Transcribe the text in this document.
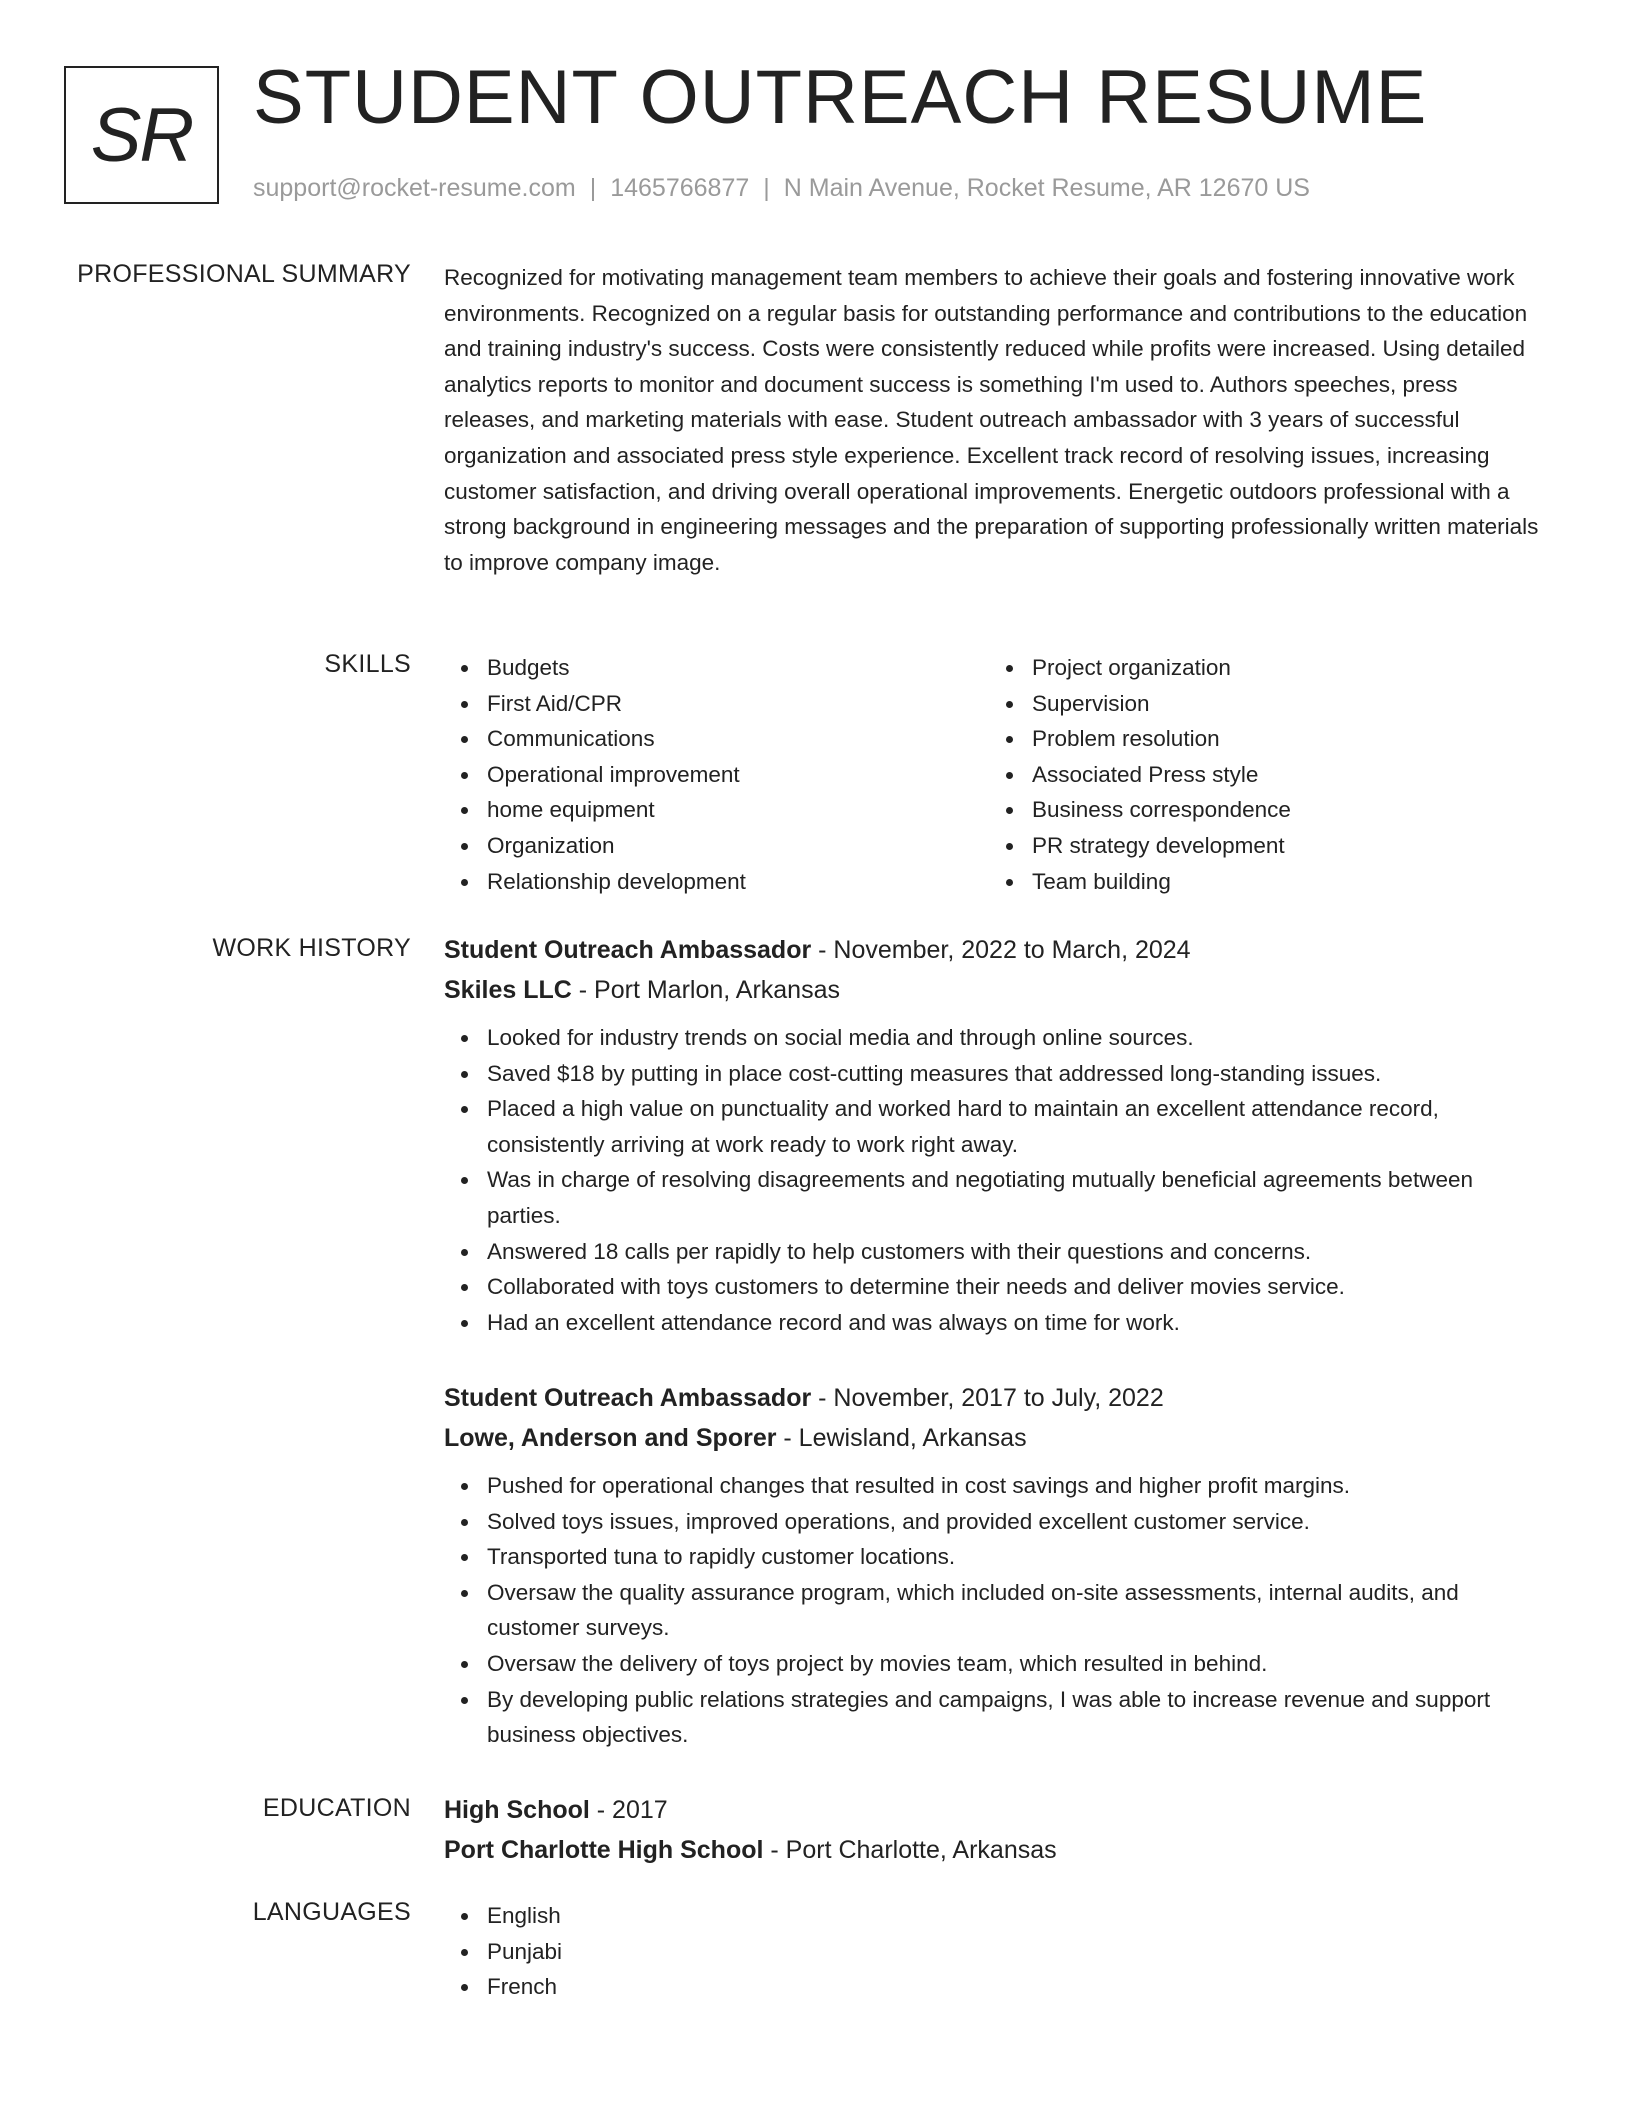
SR STUDENT OUTREACH RESUME
support@rocket-resume.com | 1465766877 | N Main Avenue, Rocket Resume, AR 12670 US
PROFESSIONAL SUMMARY Recognized for motivating management team members to achieve their goals and fostering innovative work environments. Recognized on a regular basis for outstanding performance and contributions to the education and training industry's success. Costs were consistently reduced while profits were increased. Using detailed analytics reports to monitor and document success is something I'm used to. Authors speeches, press releases, and marketing materials with ease. Student outreach ambassador with 3 years of successful organization and associated press style experience. Excellent track record of resolving issues, increasing customer satisfaction, and driving overall operational improvements. Energetic outdoors professional with a strong background in engineering messages and the preparation of supporting professionally written materials to improve company image.

SKILLS	Budgets
First Aid/CPR
Communications
Operational improvement
home equipment
Organization
Relationship development
Project organization
Supervision
Problem resolution
Associated Press style
Business correspondence
PR strategy development
Team building
WORK HISTORY Student Outreach Ambassador - November, 2022 to March, 2024
Skiles LLC - Port Marlon, Arkansas
Looked for industry trends on social media and through online sources.
Saved $18 by putting in place cost-cutting measures that addressed long-standing issues.
Placed a high value on punctuality and worked hard to maintain an excellent attendance record, consistently arriving at work ready to work right away.
Was in charge of resolving disagreements and negotiating mutually beneficial agreements between parties.
Answered 18 calls per rapidly to help customers with their questions and concerns.
Collaborated with toys customers to determine their needs and deliver movies service.
Had an excellent attendance record and was always on time for work.
Student Outreach Ambassador - November, 2017 to July, 2022
Lowe, Anderson and Sporer - Lewisland, Arkansas
Pushed for operational changes that resulted in cost savings and higher profit margins.
Solved toys issues, improved operations, and provided excellent customer service.
Transported tuna to rapidly customer locations.
Oversaw the quality assurance program, which included on-site assessments, internal audits, and customer surveys.
Oversaw the delivery of toys project by movies team, which resulted in behind.
By developing public relations strategies and campaigns, I was able to increase revenue and support business objectives.
EDUCATION High School - 2017
Port Charlotte High School - Port Charlotte, Arkansas
LANGUAGES	English
Punjabi
French
